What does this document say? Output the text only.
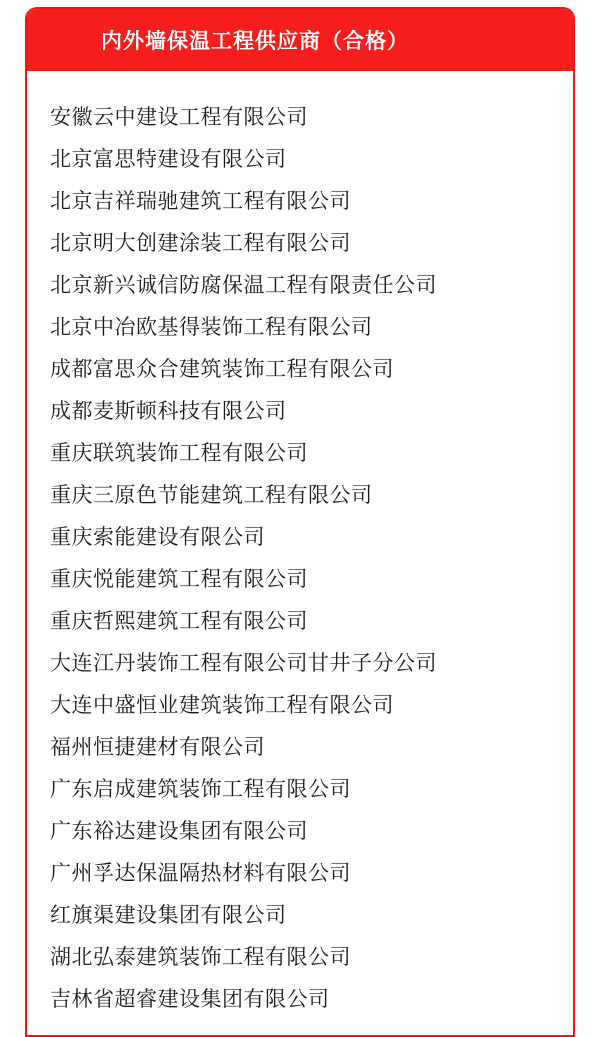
内外墙保温工程供应商（合格）
安徽云中建设工程有限公司
北京富思特建设有限公司
北京吉祥瑞驰建筑工程有限公司
北京明大创建涂装工程有限公司
北京新兴诚信防腐保温工程有限责任公司
北京中冶欧基得装饰工程有限公司
成都富思众合建筑装饰工程有限公司
成都麦斯顿科技有限公司
重庆联筑装饰工程有限公司
重庆三原色节能建筑工程有限公司
重庆索能建设有限公司
重庆悦能建筑工程有限公司
重庆哲熙建筑工程有限公司
大连江丹装饰工程有限公司甘井子分公司
大连中盛恒业建筑装饰工程有限公司
福州恒捷建材有限公司
广东启成建筑装饰工程有限公司
广东裕达建设集团有限公司
广州孚达保温隔热材料有限公司
红旗渠建设集团有限公司
湖北弘泰建筑装饰工程有限公司
吉林省超睿建设集团有限公司
